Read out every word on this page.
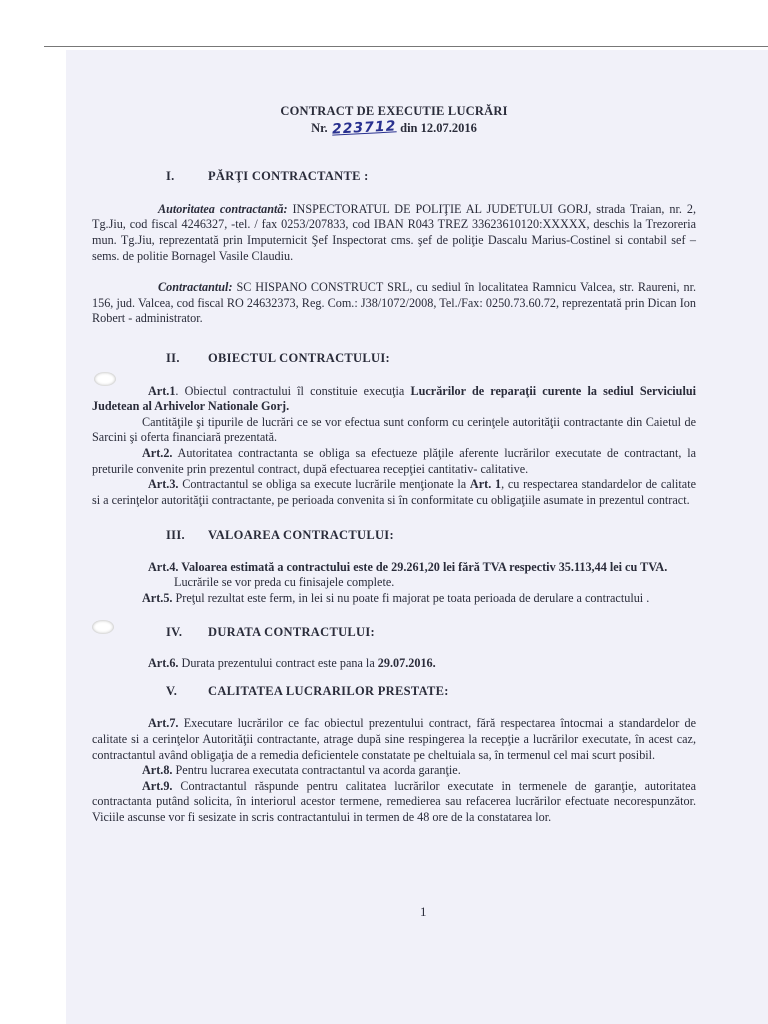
CONTRACT DE EXECUTIE LUCRĂRI
Nr. 223712 din 12.07.2016
I.	PĂRŢI CONTRACTANTE :

Autoritatea contractantă: INSPECTORATUL DE POLIŢIE AL JUDETULUI GORJ, strada Traian, nr. 2, Tg.Jiu, cod fiscal 4246327, -tel. / fax 0253/207833, cod IBAN R043 TREZ 33623610120:XXXXX, deschis la Trezoreria mun. Tg.Jiu, reprezentată prin Imputernicit Şef Inspectorat cms. şef de poliţie Dascalu Marius-Costinel si contabil sef – sems. de politie Bornagel Vasile Claudiu.

Contractantul: SC HISPANO CONSTRUCT SRL, cu sediul în localitatea Ramnicu Valcea, str. Raureni, nr. 156, jud. Valcea, cod fiscal RO 24632373, Reg. Com.: J38/1072/2008, Tel./Fax: 0250.73.60.72, reprezentată prin Dican Ion Robert - administrator.

II.	OBIECTUL CONTRACTULUI:

Art.1. Obiectul contractului îl constituie execuţia Lucrărilor de reparaţii curente la sediul Serviciului Judetean al Arhivelor Nationale Gorj.

Cantităţile şi tipurile de lucrări ce se vor efectua sunt conform cu cerinţele autorităţii contractante din Caietul de Sarcini şi oferta financiară prezentată.

Art.2. Autoritatea contractanta se obliga sa efectueze plăţile aferente lucrărilor executate de contractant, la preturile convenite prin prezentul contract, după efectuarea recepţiei cantitativ- calitative.

Art.3. Contractantul se obliga sa execute lucrările menţionate la Art. 1, cu respectarea standardelor de calitate si a cerinţelor autorităţii contractante, pe perioada convenita si în conformitate cu obligaţiile asumate in prezentul contract.

III.	VALOAREA CONTRACTULUI:

Art.4. Valoarea estimată a contractului este de 29.261,20 lei fără TVA respectiv 35.113,44 lei cu TVA.

Lucrările se vor preda cu finisajele complete.

Art.5. Preţul rezultat este ferm, in lei si nu poate fi majorat pe toata perioada de derulare a contractului .

IV.	DURATA CONTRACTULUI:

Art.6. Durata prezentului contract este pana la 29.07.2016.

V.	CALITATEA LUCRARILOR PRESTATE:

Art.7. Executare lucrărilor ce fac obiectul prezentului contract, fără respectarea întocmai a standardelor de calitate si a cerinţelor Autorităţii contractante, atrage după sine respingerea la recepţie a lucrărilor executate, în acest caz, contractantul având obligaţia de a remedia deficientele constatate pe cheltuiala sa, în termenul cel mai scurt posibil.

Art.8. Pentru lucrarea executata contractantul va acorda garanţie.

Art.9. Contractantul răspunde pentru calitatea lucrărilor executate in termenele de garanţie, autoritatea contractanta putând solicita, în interiorul acestor termene, remedierea sau refacerea lucrărilor efectuate necorespunzător. Viciile ascunse vor fi sesizate in scris contractantului in termen de 48 ore de la constatarea lor.

1
